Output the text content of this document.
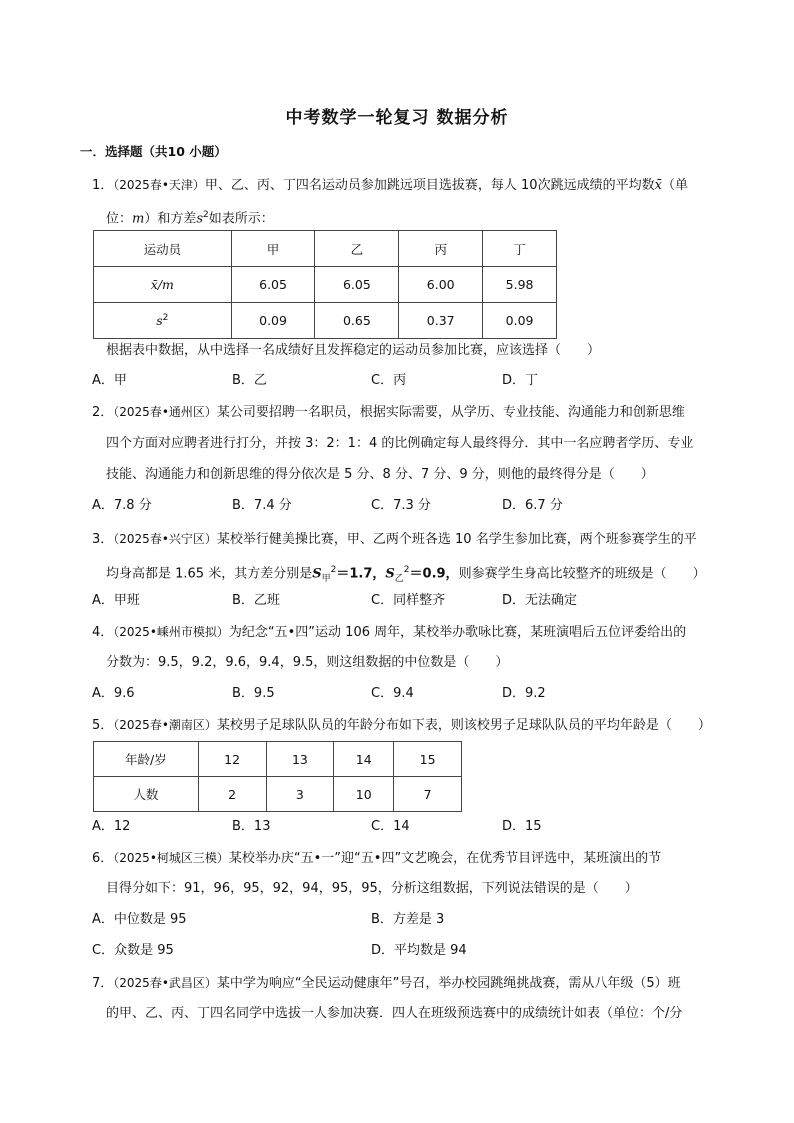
中考数学一轮复习 数据分析
一．选择题（共10 小题）
1．（2025春•天津）甲、乙、丙、丁四名运动员参加跳远项目选拔赛，每人 10次跳远成绩的平均数x̄（单
位：m）和方差$s^2$如表所示：
运动员	甲	乙	丙	丁
x̄/m	6.05	6.05	6.00	5.98
$s^2$	0.09	0.65	0.37	0.09
根据表中数据，从中选择一名成绩好且发挥稳定的运动员参加比赛，应该选择（　　）
A．甲	B．乙	C．丙	D．丁
2．（2025春•通州区）某公司要招聘一名职员，根据实际需要，从学历、专业技能、沟通能力和创新思维
四个方面对应聘者进行打分，并按 3：2：1：4 的比例确定每人最终得分．其中一名应聘者学历、专业
技能、沟通能力和创新思维的得分依次是 5 分、8 分、7 分、9 分，则他的最终得分是（　　）
A．7.8 分	B．7.4 分	C．7.3 分	D．6.7 分
3．（2025春•兴宁区）某校举行健美操比赛，甲、乙两个班各选 10 名学生参加比赛，两个班参赛学生的平
均身高都是 1.65 米，其方差分别是$S_甲^2=1.7$，$S_乙^2=0.9$，则参赛学生身高比较整齐的班级是（　　）
A．甲班	B．乙班	C．同样整齐	D．无法确定
4．（2025•嵊州市模拟）为纪念“五•四”运动 106 周年，某校举办歌咏比赛，某班演唱后五位评委给出的
分数为：9.5，9.2，9.6，9.4，9.5，则这组数据的中位数是（　　）
A．9.6	B．9.5	C．9.4	D．9.2
5．（2025春•潮南区）某校男子足球队队员的年龄分布如下表，则该校男子足球队队员的平均年龄是（　　）
年龄/岁	12	13	14	15
人数	2	3	10	7
A．12	B．13	C．14	D．15
6．（2025•柯城区三模）某校举办庆“五•一”迎“五•四”文艺晚会，在优秀节目评选中，某班演出的节
目得分如下：91，96，95，92，94，95，95，分析这组数据，下列说法错误的是（　　）
A．中位数是 95	B．方差是 3
C．众数是 95	D．平均数是 94
7．（2025春•武昌区）某中学为响应“全民运动健康年”号召，举办校园跳绳挑战赛，需从八年级（5）班
的甲、乙、丙、丁四名同学中选拔一人参加决赛．四人在班级预选赛中的成绩统计如表（单位：个/分
